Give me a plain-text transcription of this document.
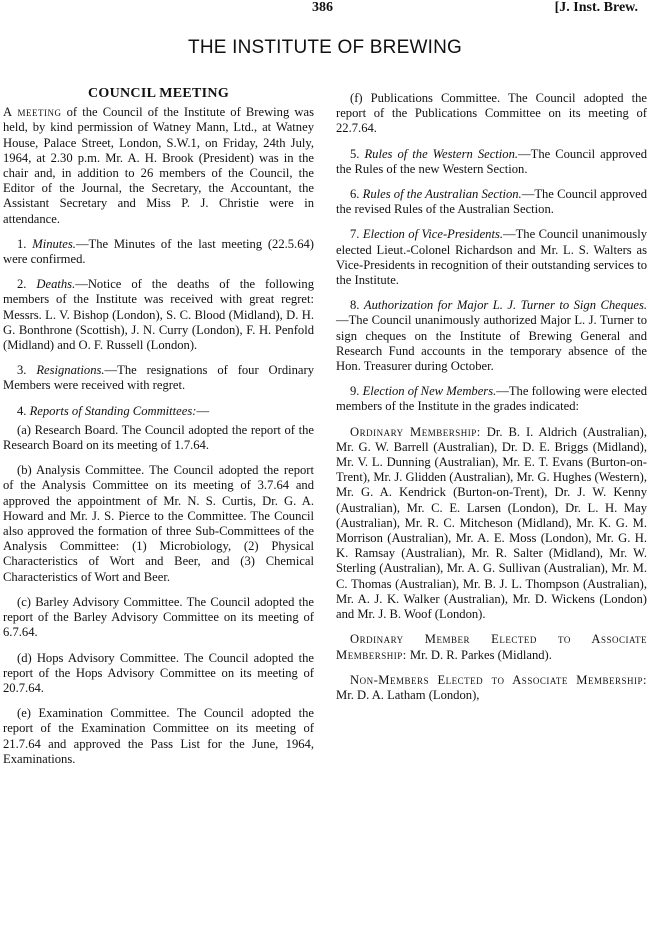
386	[J. Inst. Brew.
THE INSTITUTE OF BREWING
COUNCIL MEETING

A meeting of the Council of the Institute of Brewing was held, by kind permission of Watney Mann, Ltd., at Watney House, Palace Street, London, S.W.1, on Friday, 24th July, 1964, at 2.30 p.m. Mr. A. H. Brook (President) was in the chair and, in addition to 26 members of the Council, the Editor of the Journal, the Secretary, the Accountant, the Assistant Secretary and Miss P. J. Christie were in attendance.

1. Minutes.—The Minutes of the last meeting (22.5.64) were confirmed.

2. Deaths.—Notice of the deaths of the following members of the Institute was received with great regret: Messrs. L. V. Bishop (London), S. C. Blood (Midland), D. H. G. Bonthrone (Scottish), J. N. Curry (London), F. H. Penfold (Midland) and O. F. Russell (London).

3. Resignations.—The resignations of four Ordinary Members were received with regret.

4. Reports of Standing Committees:—

(a) Research Board. The Council adopted the report of the Research Board on its meeting of 1.7.64.

(b) Analysis Committee. The Council adopted the report of the Analysis Committee on its meeting of 3.7.64 and approved the appointment of Mr. N. S. Curtis, Dr. G. A. Howard and Mr. J. S. Pierce to the Committee. The Council also approved the formation of three Sub-Committees of the Analysis Committee: (1) Microbiology, (2) Physical Characteristics of Wort and Beer, and (3) Chemical Characteristics of Wort and Beer.

(c) Barley Advisory Committee. The Council adopted the report of the Barley Advisory Committee on its meeting of 6.7.64.

(d) Hops Advisory Committee. The Council adopted the report of the Hops Advisory Committee on its meeting of 20.7.64.

(e) Examination Committee. The Council adopted the report of the Examination Committee on its meeting of 21.7.64 and approved the Pass List for the June, 1964, Examinations.

(f) Publications Committee. The Council adopted the report of the Publications Committee on its meeting of 22.7.64.

5. Rules of the Western Section.—The Council approved the Rules of the new Western Section.

6. Rules of the Australian Section.—The Council approved the revised Rules of the Australian Section.

7. Election of Vice-Presidents.—The Council unanimously elected Lieut.-Colonel Richardson and Mr. L. S. Walters as Vice-Presidents in recognition of their outstanding services to the Institute.

8. Authorization for Major L. J. Turner to Sign Cheques.—The Council unanimously authorized Major L. J. Turner to sign cheques on the Institute of Brewing General and Research Fund accounts in the temporary absence of the Hon. Treasurer during October.

9. Election of New Members.—The following were elected members of the Institute in the grades indicated:

Ordinary Membership: Dr. B. I. Aldrich (Australian), Mr. G. W. Barrell (Australian), Dr. D. E. Briggs (Midland), Mr. V. L. Dunning (Australian), Mr. E. T. Evans (Burton-on-Trent), Mr. J. Glidden (Australian), Mr. G. Hughes (Western), Mr. G. A. Kendrick (Burton-on-Trent), Dr. J. W. Kenny (Australian), Mr. C. E. Larsen (London), Dr. L. H. May (Australian), Mr. R. C. Mitcheson (Midland), Mr. K. G. M. Morrison (Australian), Mr. A. E. Moss (London), Mr. G. H. K. Ramsay (Australian), Mr. R. Salter (Midland), Mr. W. Sterling (Australian), Mr. A. G. Sullivan (Australian), Mr. M. C. Thomas (Australian), Mr. B. J. L. Thompson (Australian), Mr. A. J. K. Walker (Australian), Mr. D. Wickens (London) and Mr. J. B. Woof (London).

Ordinary Member Elected to Associate Membership: Mr. D. R. Parkes (Midland).

Non-Members Elected to Associate Membership: Mr. D. A. Latham (London),
